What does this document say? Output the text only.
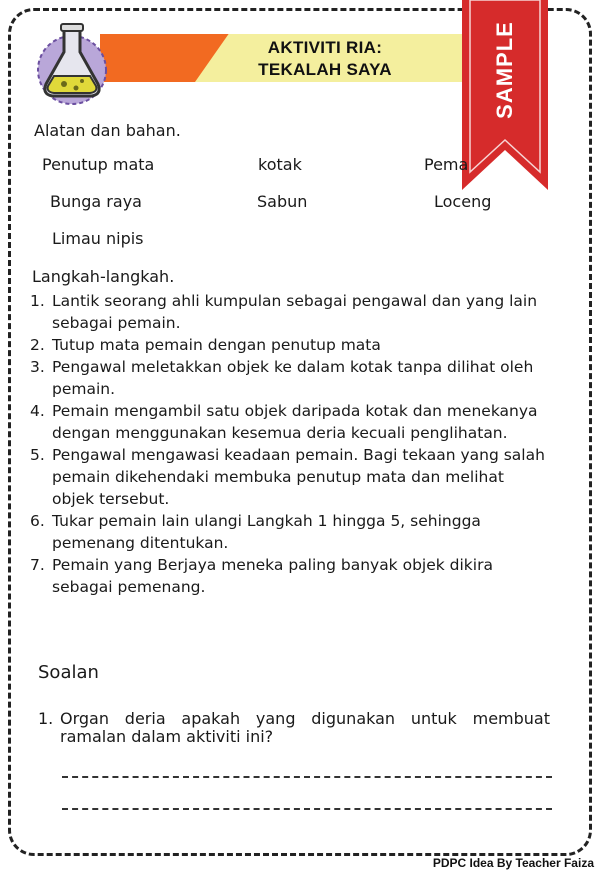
AKTIVITI RIA:
TEKALAH SAYA	SAMPLE
Alatan dan bahan.
Penutup mata	kotak	Pema
Bunga raya	Sabun	Loceng
Limau nipis
Langkah-langkah.
1. Lantik seorang ahli kumpulan sebagai pengawal dan yang lain sebagai pemain.
2. Tutup mata pemain dengan penutup mata
3. Pengawal meletakkan objek ke dalam kotak tanpa dilihat oleh pemain.
4. Pemain mengambil satu objek daripada kotak dan menekanya dengan menggunakan kesemua deria kecuali penglihatan.
5. Pengawal mengawasi keadaan pemain. Bagi tekaan yang salah pemain dikehendaki membuka penutup mata dan melihat objek tersebut.
6. Tukar pemain lain ulangi Langkah 1 hingga 5, sehingga pemenang ditentukan.
7. Pemain yang Berjaya meneka paling banyak objek dikira sebagai pemenang.
Soalan
1. Organ deria apakah yang digunakan untuk membuat ramalan dalam aktiviti ini?
PDPC Idea By Teacher Faiza
